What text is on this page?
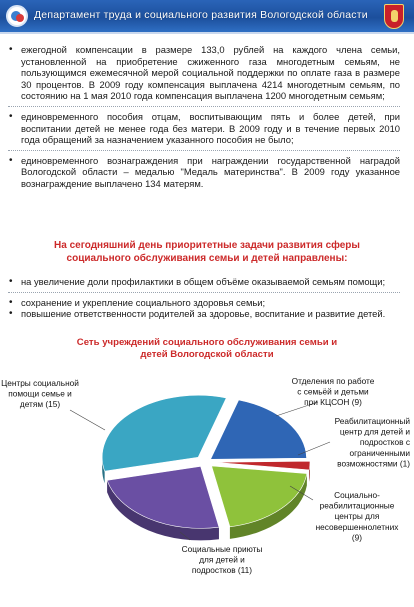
Департамент труда и социального развития Вологодской области
• ежегодной компенсации в размере 133,0 рублей на каждого члена семьи, установленной на приобретение сжиженного газа многодетным семьям, не пользующимся ежемесячной мерой социальной поддержки по оплате газа в размере 30 процентов. В 2009 году компенсация выплачена 4214 многодетным семьям, по состоянию на 1 мая 2010 года компенсация выплачена 1200 многодетным семьям;
• единовременного пособия отцам, воспитывающим пять и более детей, при воспитании детей не менее года без матери. В 2009 году и в течение первых 2010 года обращений за назначением указанного пособия не было;
• единовременного вознаграждения при награждении государственной наградой Вологодской области – медалью "Медаль материнства". В 2009 году указанное вознаграждение выплачено 134 матерям.
На сегодняшний день приоритетные задачи развития сферы социального обслуживания семьи и детей направлены:
• на увеличение доли профилактики в общем объёме оказываемой семьям помощи;
• сохранение и укрепление социального здоровья семьи;
• повышение ответственности родителей за здоровье, воспитание и развитие детей.
Сеть учреждений социального обслуживания семьи и детей Вологодской области
Отделения по работе с семьёй и детьми при КЦСОН (9)
Реабилитационный центр для детей и подростков с ограниченными возможностями (1)
Социально-реабилитационные центры для несовершеннолетних (9)
Социальные приюты для детей и подростков (11)
Центры социальной помощи семье и детям (15)
